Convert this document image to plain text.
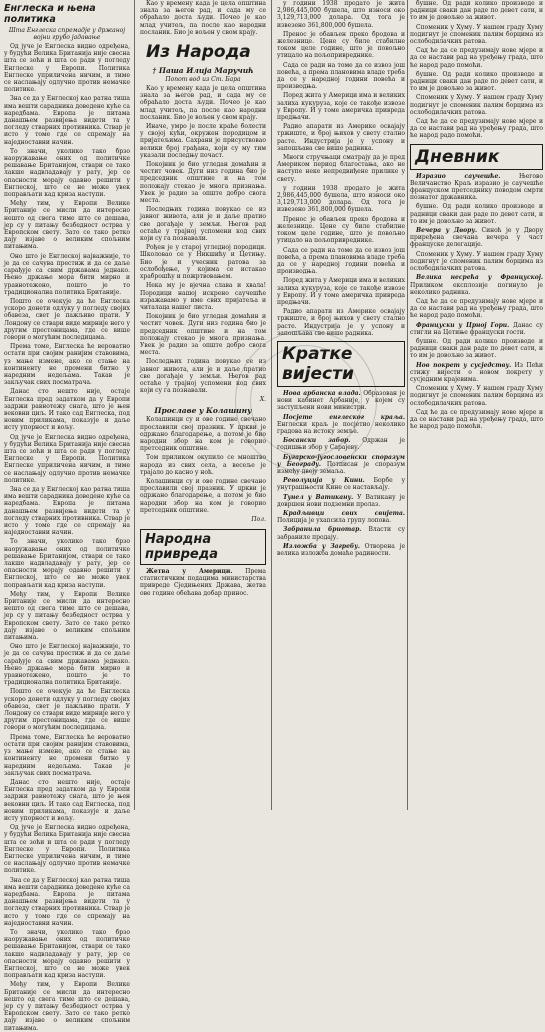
Енглеска и њена политика
Шта Енглеска спремадје у држаној војни грубо јадавање

Од јуче је Енглеска видно одређена, у будући Велика Британија није свесна шта се зоћи и шта се ради у погледу Енглеске у Европи. Политика Енглеске уприличена ничим, и тиме се наслањају одлучно против немачке политике.

Зна се да у Енглеској као ратна тиша има вешти сарадника доведене куће са наредбама. Европа је питама данашњем развијења видети та у погледу стварних противника. Ствар је исто у томе где се спремају на наједноставни начин.

То значи, уколико тако брзо наоружавање оних од политичке решавање Британијом, ствари се тако лакше надвладавају у рату, јер се опасности морају одавно решити у Енглеској, што се не може увек поправљати кад криза наступи.

Међу тим, у Европи Велике Британије се мисли да интересно нешто од свега тиме што се дешава, јер су у питању безбедност острва у Европском свету. Зато се тако ретко дају изјаве о великим спољним питањима.

Оно што је Енглеској најважније, то је да се сачува престиж и да се даље сарађује са свим државама једнако. Њено држање мора бити мирно и уравнотежено, пошто је то традиционална политика Британије.

Пошто се очекује да ће Енглеска ускоро донети одлуку у погледу својих обавеза, свет је пажљиво прати. У Лондону се ствари виде мирније него у другим престоницама, где се више говори о могућим последицама.

Према томе, Енглеска ће вероватно остати при својим ранијим ставовима, уз мање измене, ако се стање на континенту не промени битно у наредним недељама. Такав је закључак свих посматрача.

Данас сто нешто није, остаје Енглеска пред задатком да у Европи задржи равнотежу снага, што је њен вековни циљ. И тако сад Енглеска, под новим приликама, показује и даље исту упорност и вољу.

Од јуче је Енглеска видно одређена, у будући Велика Британија није свесна шта се зоћи и шта се ради у погледу Енглеске у Европи. Политика Енглеске уприличена ничим, и тиме се наслањају одлучно против немачке политике.

Зна се да у Енглеској као ратна тиша има вешти сарадника доведене куће са наредбама. Европа је питама данашњем развијења видети та у погледу стварних противника. Ствар је исто у томе где се спремају на наједноставни начин.

То значи, уколико тако брзо наоружавање оних од политичке решавање Британијом, ствари се тако лакше надвладавају у рату, јер се опасности морају одавно решити у Енглеској, што се не може увек поправљати кад криза наступи.

Међу тим, у Европи Велике Британије се мисли да интересно нешто од свега тиме што се дешава, јер су у питању безбедност острва у Европском свету. Зато се тако ретко дају изјаве о великим спољним питањима.

Оно што је Енглеској најважније, то је да се сачува престиж и да се даље сарађује са свим државама једнако. Њено држање мора бити мирно и уравнотежено, пошто је то традиционална политика Британије.

Пошто се очекује да ће Енглеска ускоро донети одлуку у погледу својих обавеза, свет је пажљиво прати. У Лондону се ствари виде мирније него у другим престоницама, где се више говори о могућим последицама.

Према томе, Енглеска ће вероватно остати при својим ранијим ставовима, уз мање измене, ако се стање на континенту не промени битно у наредним недељама. Такав је закључак свих посматрача.

Данас сто нешто није, остаје Енглеска пред задатком да у Европи задржи равнотежу снага, што је њен вековни циљ. И тако сад Енглеска, под новим приликама, показује и даље исту упорност и вољу.

Од јуче је Енглеска видно одређена, у будући Велика Британија није свесна шта се зоћи и шта се ради у погледу Енглеске у Европи. Политика Енглеске уприличена ничим, и тиме се наслањају одлучно против немачке политике.

Зна се да у Енглеској као ратна тиша има вешти сарадника доведене куће са наредбама. Европа је питама данашњем развијења видети та у погледу стварних противника. Ствар је исто у томе где се спремају на наједноставни начин.

То значи, уколико тако брзо наоружавање оних од политичке решавање Британијом, ствари се тако лакше надвладавају у рату, јер се опасности морају одавно решити у Енглеској, што се не може увек поправљати кад криза наступи.

Међу тим, у Европи Велике Британије се мисли да интересно нешто од свега тиме што се дешава, јер су у питању безбедност острва у Европском свету. Зато се тако ретко дају изјаве о великим спољним питањима.

Као у времену када је цела општина знала за његов рад, и сада му се обраћало доста људи. Почео је као млад учитељ, па после као народни посланик. Био је вољен у свом крају.

Из Народа
† Паша Илија Маручић
Попот вод из Ст. Бара

Као у времену када је цела општина знала за његов рад, и сада му се обраћало доста људи. Почео је као млад учитељ, па после као народни посланик. Био је вољен у свом крају.

Иначе, умро је после краће болести у својој кући, окружен породицом и пријатељима. Сахрани је присуствовао велики број грађана, који су му тим указали последњу почаст.

Покојник је био угледан домаћин и честит човек. Дуги низ година био је председник општине и на том положају стекао је многа признања. Увек је радио за опште добро свога места.

Последњих година повукао се из јавног живота, али је и даље пратио све догађаје у земљи. Његов рад остаће у трајној успомени код свих који су га познавали.

Рођен је у старој угледној породици. Школовао се у Никшићу и Цетињу. Био је и учесник ратова за ослобођење, у којима се истакао храброшћу и пожртвовањем.

Нека му је вјечна слава и хвала! Породици нашој искрено саучешће изражавамо у име свих пријатеља и читалаца нашег листа.

Покојник је био угледан домаћин и честит човек. Дуги низ година био је председник општине и на том положају стекао је многа признања. Увек је радио за опште добро свога места.

Последњих година повукао се из јавног живота, али је и даље пратио све догађаје у земљи. Његов рад остаће у трајној успомени код свих који су га познавали.

Х.
Прославе у Колашину

Колашинци су и ове године свечано прославили свој празник. У цркви је одржано благодарење, а потом је био народни збор на ком је говорио претседник општине.

Том приликом окупило се мноштво народа из свих села, а весеље је трајало до касно у ноћ.

Колашинци су и ове године свечано прославили свој празник. У цркви је одржано благодарење, а потом је био народни збор на ком је говорио претседник општине.

Пол.
Народна привреда

Жетва у Америци. Према статистичким подацима министарства привреде Сједињених Држава, жетва ове године обећава добар принос.

у години 1938 продато је жита 2,986,445,000 бушела, што износи око 3,129,713,000 долара. Од тога је извезено 361,800,000 бушела.

Пренос је обављен преко бродова и железнице. Цене су биле стабилне током целе године, што је повољно утицало на пољопривреднике.

Сада се ради на томе да се извоз још повећа, а према плановима владе треба да се у наредној години повећа и производња.

Поред жита у Америци има и великих залиха кукуруза, које се такође извозе у Европу. И у томе америчка привреда предњачи.

Радио апарати из Америке освајају тржиште, и број њихов у свету стално расте. Индустрија је у успону и запошљава све више радника.

Многи стручњаци сматрају да је пред Америком период благостања, ако не наступе неке непредвиђене прилике у свету.

у години 1938 продато је жита 2,986,445,000 бушела, што износи око 3,129,713,000 долара. Од тога је извезено 361,800,000 бушела.

Пренос је обављен преко бродова и железнице. Цене су биле стабилне током целе године, што је повољно утицало на пољопривреднике.

Сада се ради на томе да се извоз још повећа, а према плановима владе треба да се у наредној години повећа и производња.

Поред жита у Америци има и великих залиха кукуруза, које се такође извозе у Европу. И у томе америчка привреда предњачи.

Радио апарати из Америке освајају тржиште, и број њихов у свету стално расте. Индустрија је у успону и запошљава све више радника.

Кратке вијести

Нова арбанска влада. Образован је нови кабинет Арбаније, у којем су заступљени нови министри.

Посјете енглеског краља. Енглески краљ је посјетио неколико градова на истоку земље.

Босански забор. Одржан је годишњи збор у Сарајеву.

Бугарско-југословенски споразум у Београду. Потписан је споразум између двеју земаља.

Револуција у Кини. Борбе у унутрашњости Кине се настављају.

Тунел у Ватикану. У Ватикану је довршен нови подземни пролаз.

Крадљивци свих свијета. Полиција је ухапсила групу лопова.

Забранила бриотар. Власти су забраниле продају.

Изложба у Загребу. Отворена је велика изложба домаће радиности.

бушне. Од ради колико производе и радници сваки дан раде по девет сати, и то им је довољно за живот.

Споменик у Хуму. У нашем граду Хуму подигнут је споменик палим борцима из ослободилачких ратова.

Сад ће да се предузимају нове мјере и да се настави рад на уређењу града, што ће народ радо помоћи.

бушне. Од ради колико производе и радници сваки дан раде по девет сати, и то им је довољно за живот.

Споменик у Хуму. У нашем граду Хуму подигнут је споменик палим борцима из ослободилачких ратова.

Сад ће да се предузимају нове мјере и да се настави рад на уређењу града, што ће народ радо помоћи.

Дневник

Изразио саучешће.	Његово Величанство Краљ изразио је саучешће француском претседнику поводом смрти познатог државника.

бушне. Од ради колико производе и радници сваки дан раде по девет сати, и то им је довољно за живот.

Вечера у Двору. Синоћ је у Двору приређена свечана вечера у част француске делегације.

Споменик у Хуму. У нашем граду Хуму подигнут је споменик палим борцима из ослободилачких ратова.

Велика несрећа у Француској. Приликом експлозије погинуло је неколико радника.

Сад ће да се предузимају нове мјере и да се настави рад на уређењу града, што ће народ радо помоћи.

Француски у Црној Гори. Данас су стигли на Цетиње француски гости.

бушне. Од ради колико производе и радници сваки дан раде по девет сати, и то им је довољно за живот.

Нов покрет у сусједству. Из Пећи стижу вијести о новом покрету у сусједним крајевима.

Споменик у Хуму. У нашем граду Хуму подигнут је споменик палим борцима из ослободилачких ратова.

Сад ће да се предузимају нове мјере и да се настави рад на уређењу града, што ће народ радо помоћи.
